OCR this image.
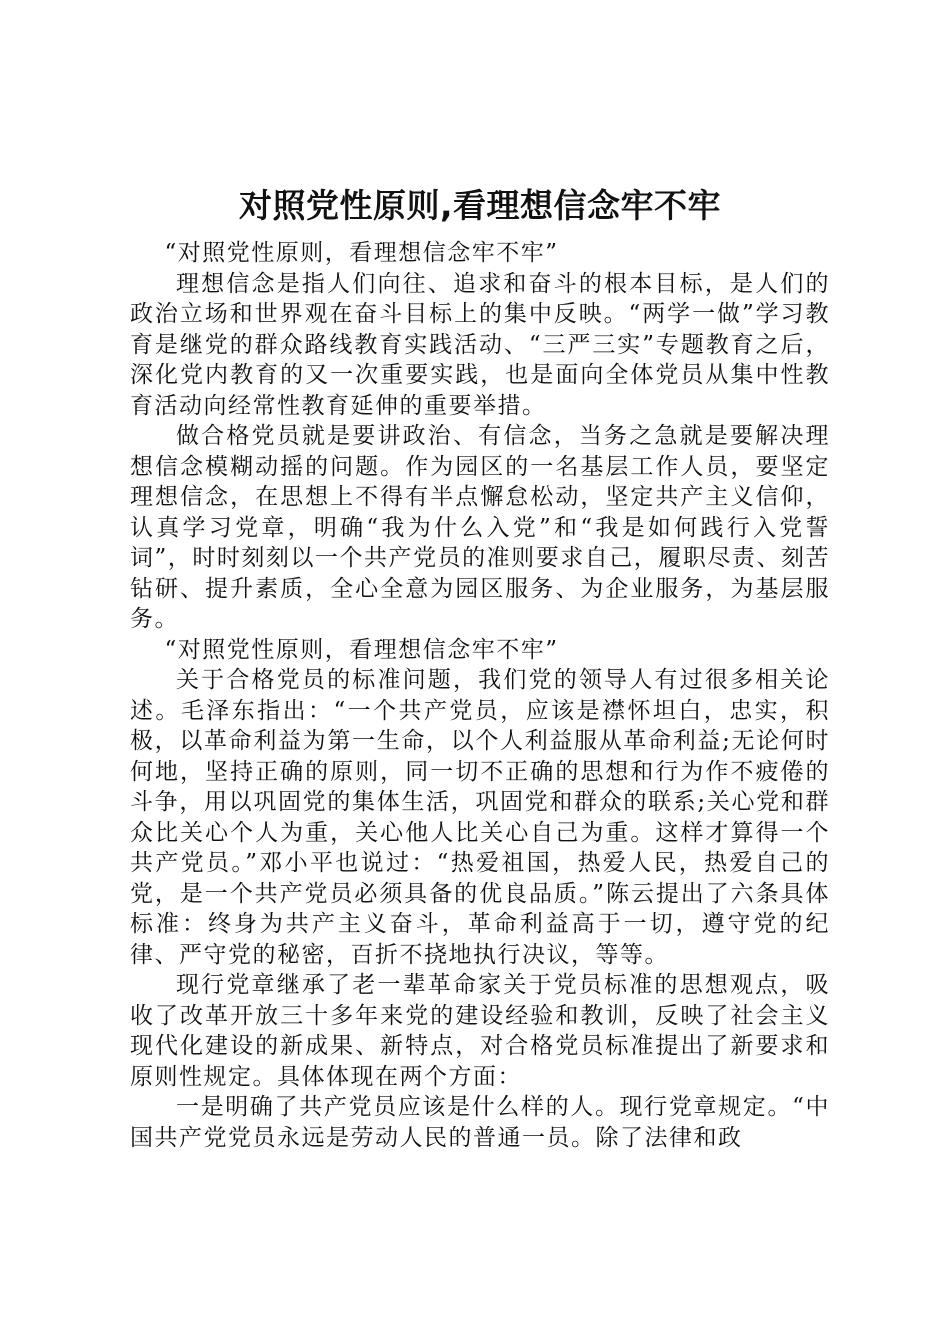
对照党性原则,看理想信念牢不牢

“对照党性原则，看理想信念牢不牢”

理想信念是指人们向往、追求和奋斗的根本目标，是人们的政治立场和世界观在奋斗目标上的集中反映。“两学一做”学习教育是继党的群众路线教育实践活动、“三严三实”专题教育之后，深化党内教育的又一次重要实践，也是面向全体党员从集中性教育活动向经常性教育延伸的重要举措。

做合格党员就是要讲政治、有信念，当务之急就是要解决理想信念模糊动摇的问题。作为园区的一名基层工作人员，要坚定理想信念，在思想上不得有半点懈怠松动，坚定共产主义信仰，认真学习党章，明确“我为什么入党”和“我是如何践行入党誓词”，时时刻刻以一个共产党员的准则要求自己，履职尽责、刻苦钻研、提升素质，全心全意为园区服务、为企业服务，为基层服务。

“对照党性原则，看理想信念牢不牢”

关于合格党员的标准问题，我们党的领导人有过很多相关论述。毛泽东指出：“一个共产党员，应该是襟怀坦白，忠实，积极，以革命利益为第一生命，以个人利益服从革命利益;无论何时何地，坚持正确的原则，同一切不正确的思想和行为作不疲倦的斗争，用以巩固党的集体生活，巩固党和群众的联系;关心党和群众比关心个人为重，关心他人比关心自己为重。这样才算得一个共产党员。”邓小平也说过：“热爱祖国，热爱人民，热爱自己的党，是一个共产党员必须具备的优良品质。”陈云提出了六条具体标准：终身为共产主义奋斗，革命利益高于一切，遵守党的纪律、严守党的秘密，百折不挠地执行决议，等等。

现行党章继承了老一辈革命家关于党员标准的思想观点，吸收了改革开放三十多年来党的建设经验和教训，反映了社会主义现代化建设的新成果、新特点，对合格党员标准提出了新要求和原则性规定。具体体现在两个方面：

一是明确了共产党员应该是什么样的人。现行党章规定。“中国共产党党员永远是劳动人民的普通一员。除了法律和政
